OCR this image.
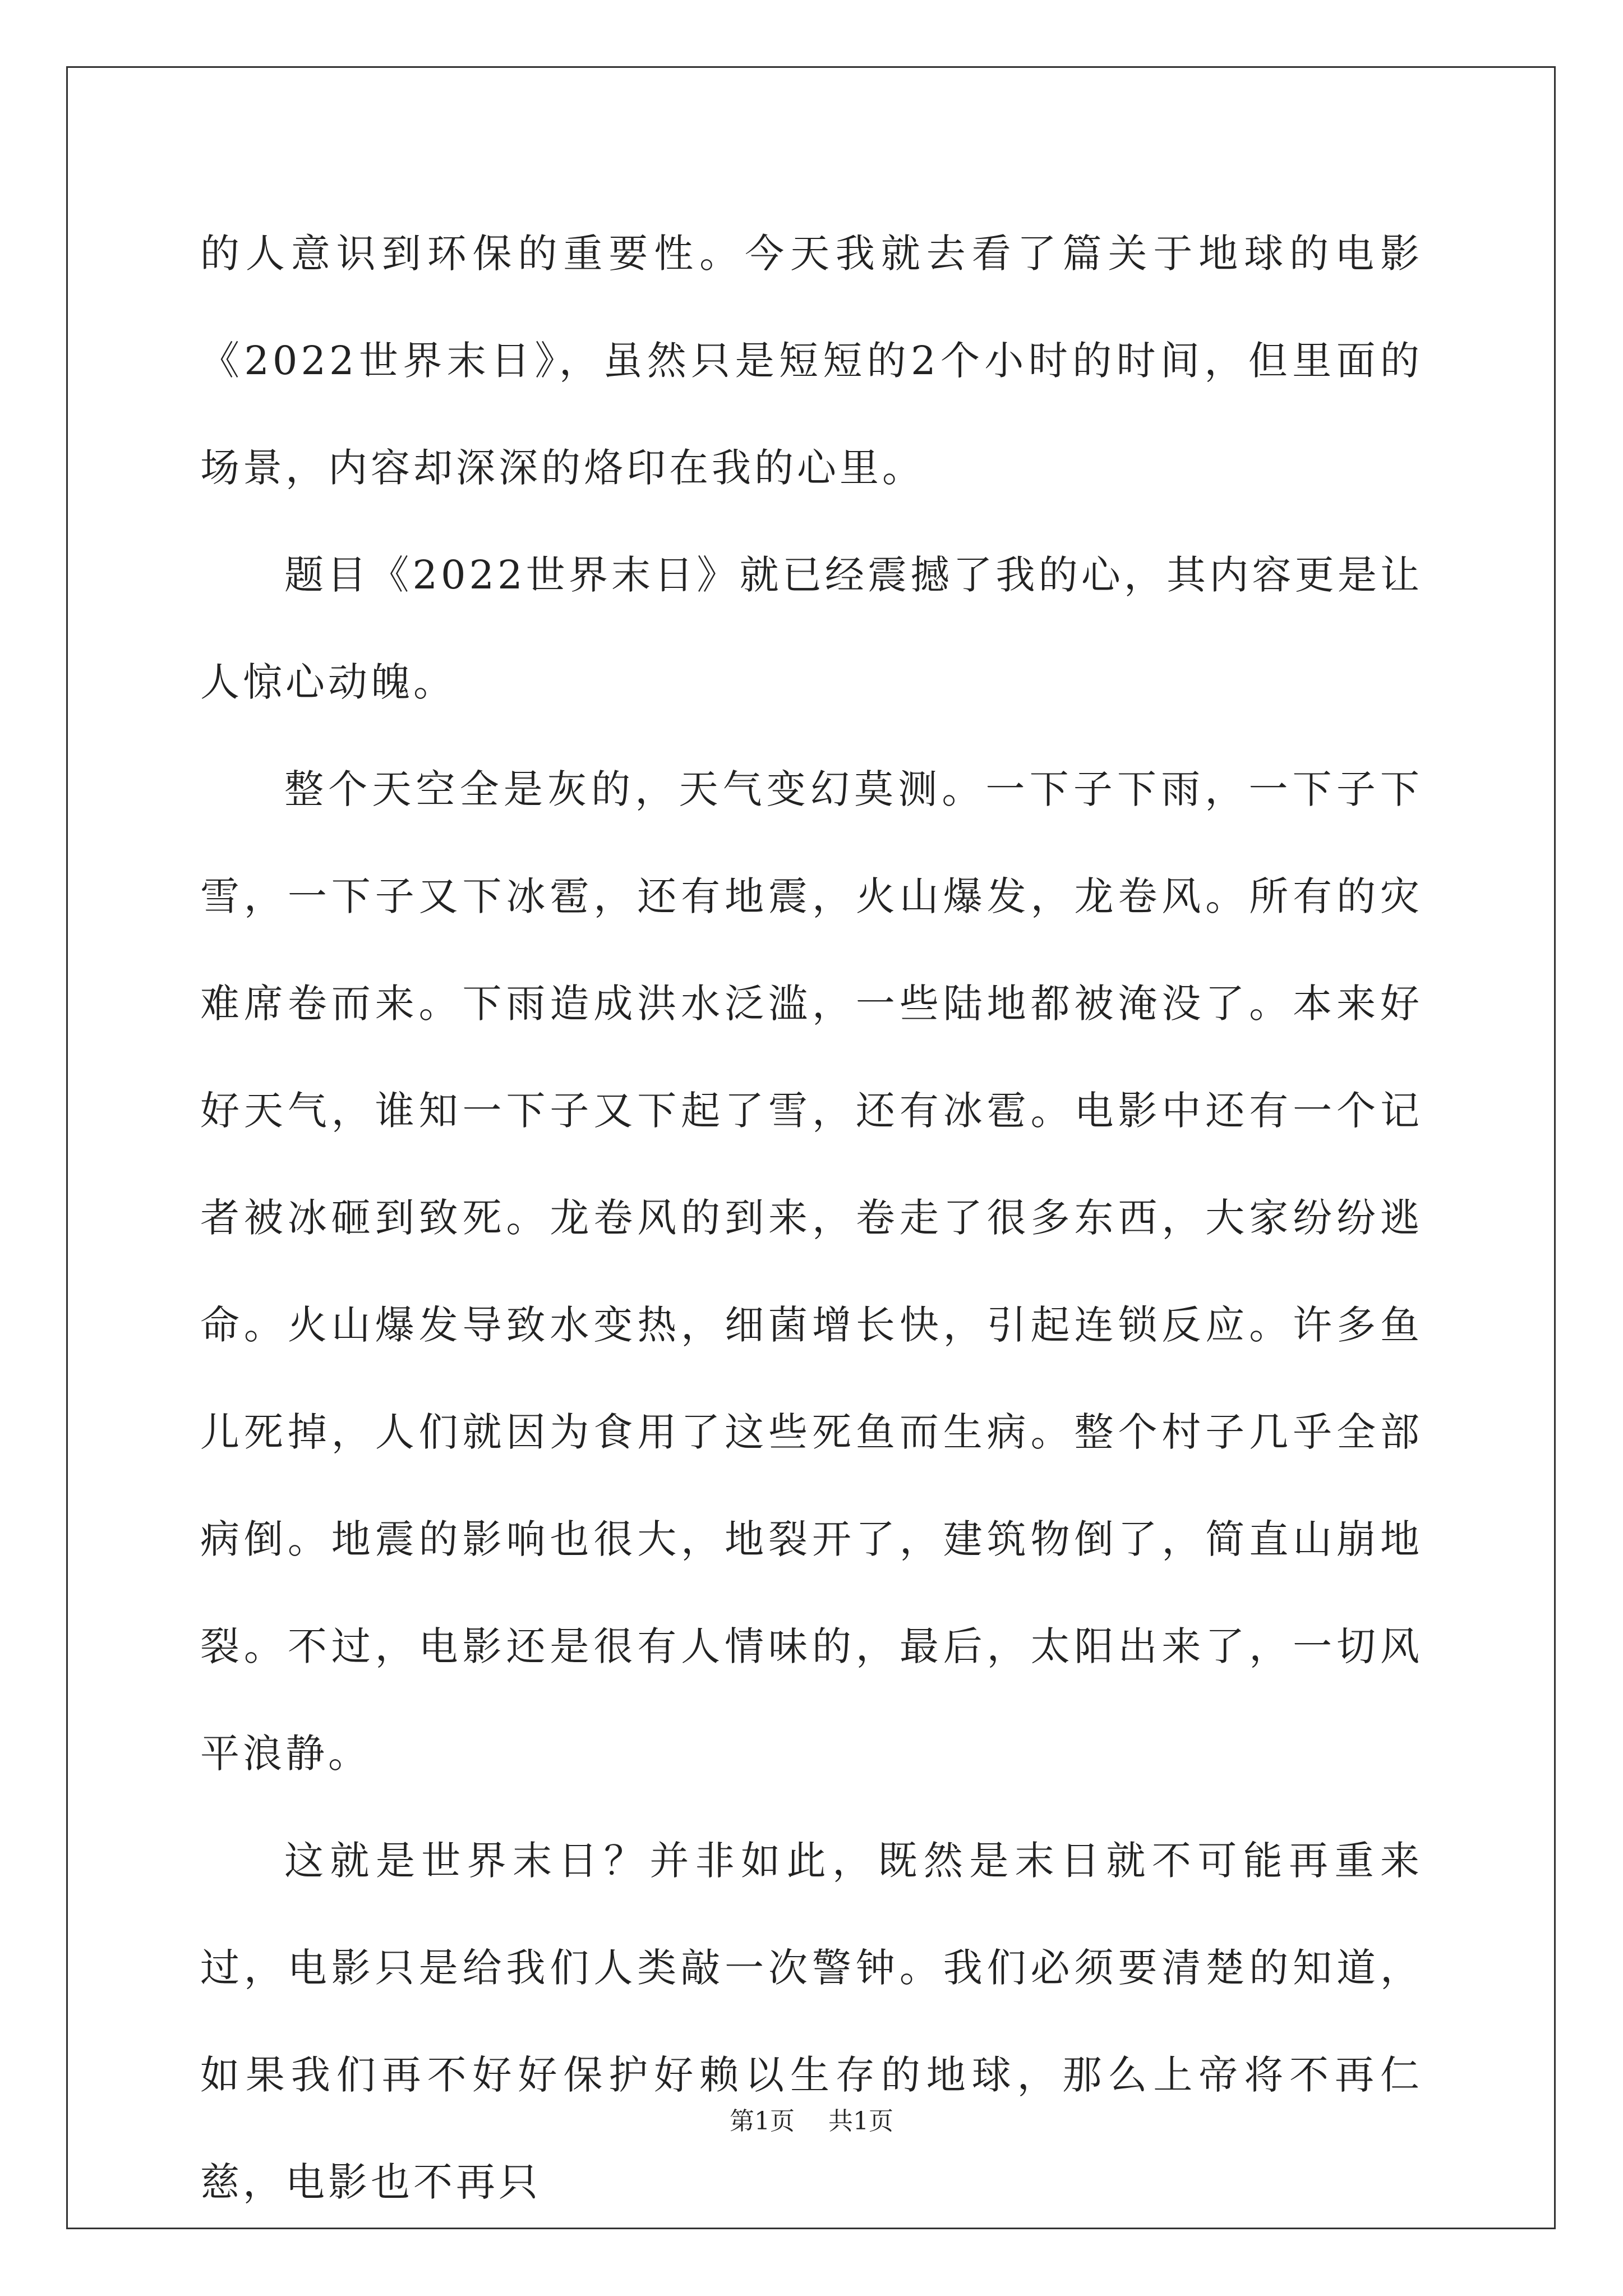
的人意识到环保的重要性。今天我就去看了篇关于地球的电影《2022世界末日》，虽然只是短短的2个小时的时间，但里面的场景，内容却深深的烙印在我的心里。

题目《2022世界末日》就已经震撼了我的心，其内容更是让人惊心动魄。

整个天空全是灰的，天气变幻莫测。一下子下雨，一下子下雪，一下子又下冰雹，还有地震，火山爆发，龙卷风。所有的灾难席卷而来。下雨造成洪水泛滥，一些陆地都被淹没了。本来好好天气，谁知一下子又下起了雪，还有冰雹。电影中还有一个记者被冰砸到致死。龙卷风的到来，卷走了很多东西，大家纷纷逃命。火山爆发导致水变热，细菌增长快，引起连锁反应。许多鱼儿死掉，人们就因为食用了这些死鱼而生病。整个村子几乎全部病倒。地震的影响也很大，地裂开了，建筑物倒了，简直山崩地裂。不过，电影还是很有人情味的，最后，太阳出来了，一切风平浪静。

这就是世界末日？并非如此，既然是末日就不可能再重来过，电影只是给我们人类敲一次警钟。我们必须要清楚的知道，如果我们再不好好保护好赖以生存的地球，那么上帝将不再仁慈，电影也不再只

第1页 共1页
